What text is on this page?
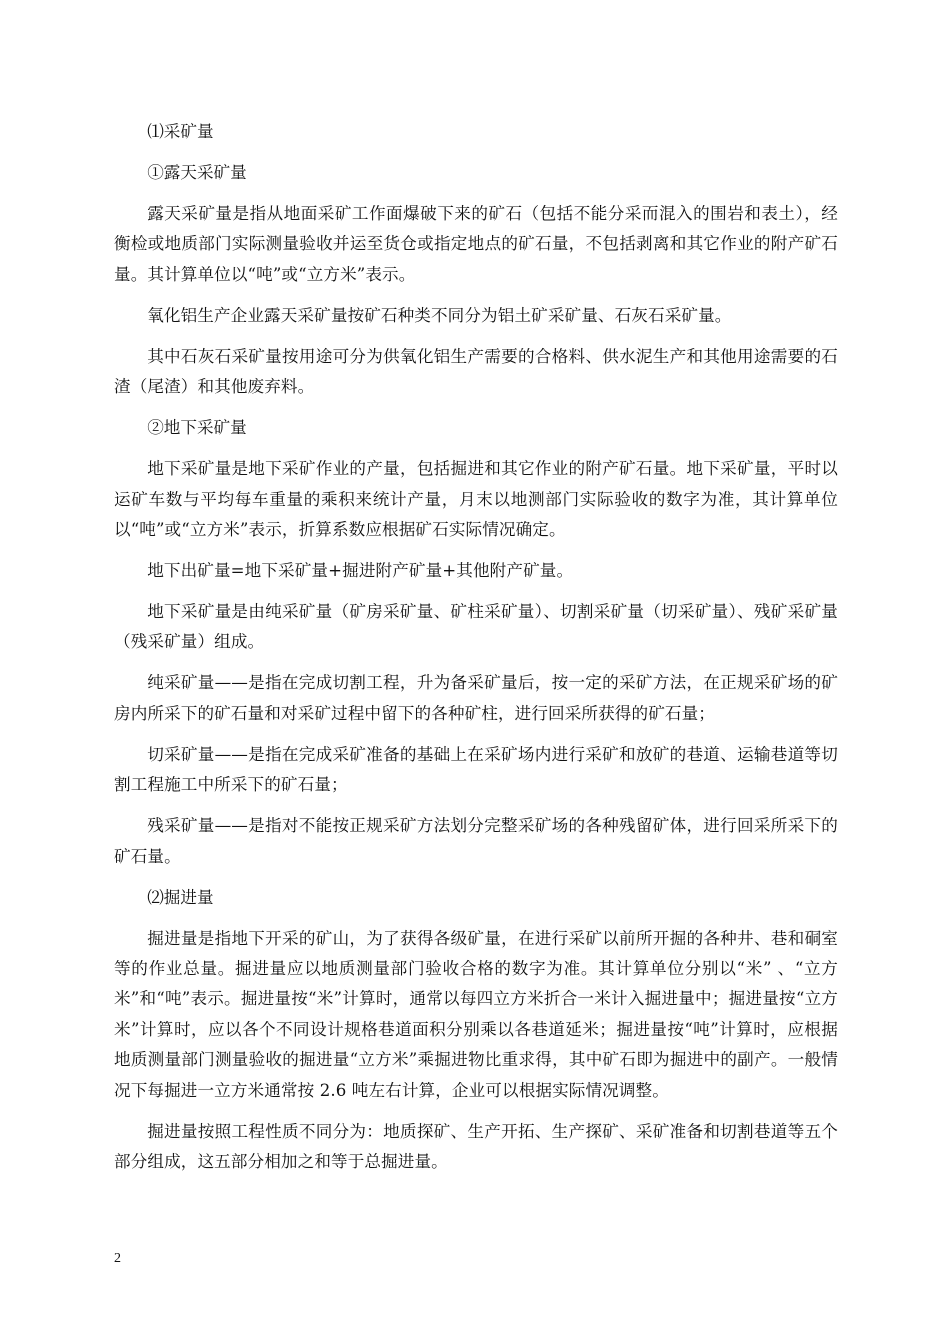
⑴采矿量

①露天采矿量

露天采矿量是指从地面采矿工作面爆破下来的矿石（包括不能分采而混入的围岩和表土），经衡检或地质部门实际测量验收并运至货仓或指定地点的矿石量，不包括剥离和其它作业的附产矿石量。其计算单位以“吨”或“立方米”表示。

氧化铝生产企业露天采矿量按矿石种类不同分为铝土矿采矿量、石灰石采矿量。

其中石灰石采矿量按用途可分为供氧化铝生产需要的合格料、供水泥生产和其他用途需要的石渣（尾渣）和其他废弃料。

②地下采矿量

地下采矿量是地下采矿作业的产量，包括掘进和其它作业的附产矿石量。地下采矿量，平时以运矿车数与平均每车重量的乘积来统计产量，月末以地测部门实际验收的数字为准，其计算单位以“吨”或“立方米”表示，折算系数应根据矿石实际情况确定。

地下出矿量=地下采矿量+掘进附产矿量+其他附产矿量。

地下采矿量是由纯采矿量（矿房采矿量、矿柱采矿量）、切割采矿量（切采矿量）、残矿采矿量（残采矿量）组成。

纯采矿量——是指在完成切割工程，升为备采矿量后，按一定的采矿方法，在正规采矿场的矿房内所采下的矿石量和对采矿过程中留下的各种矿柱，进行回采所获得的矿石量；

切采矿量——是指在完成采矿准备的基础上在采矿场内进行采矿和放矿的巷道、运输巷道等切割工程施工中所采下的矿石量；

残采矿量——是指对不能按正规采矿方法划分完整采矿场的各种残留矿体，进行回采所采下的矿石量。

⑵掘进量

掘进量是指地下开采的矿山，为了获得各级矿量，在进行采矿以前所开掘的各种井、巷和硐室等的作业总量。掘进量应以地质测量部门验收合格的数字为准。其计算单位分别以“米” 、“立方米”和“吨”表示。掘进量按“米”计算时，通常以每四立方米折合一米计入掘进量中；掘进量按“立方米”计算时，应以各个不同设计规格巷道面积分别乘以各巷道延米；掘进量按“吨”计算时，应根据地质测量部门测量验收的掘进量“立方米”乘掘进物比重求得，其中矿石即为掘进中的副产。一般情况下每掘进一立方米通常按 2.6 吨左右计算，企业可以根据实际情况调整。

掘进量按照工程性质不同分为：地质探矿、生产开拓、生产探矿、采矿准备和切割巷道等五个部分组成，这五部分相加之和等于总掘进量。

2
